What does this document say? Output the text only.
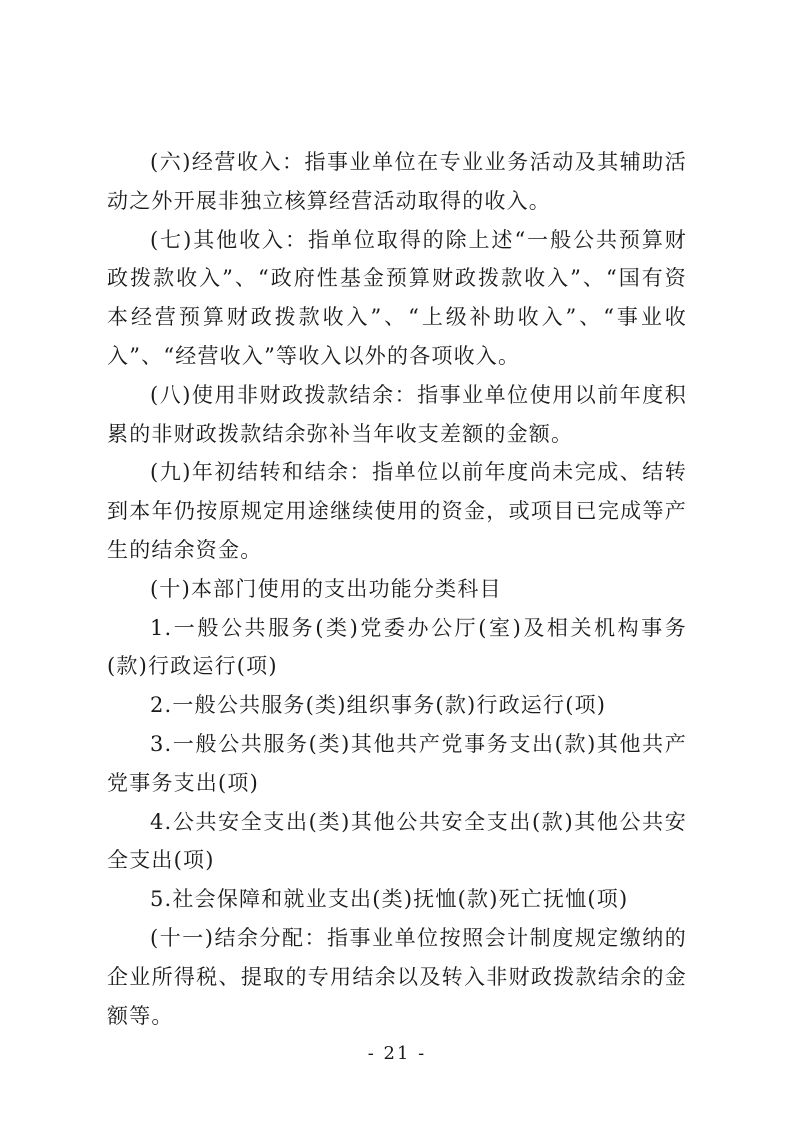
(六)经营收入：指事业单位在专业业务活动及其辅助活动之外开展非独立核算经营活动取得的收入。

(七)其他收入：指单位取得的除上述“一般公共预算财政拨款收入”、“政府性基金预算财政拨款收入”、“国有资本经营预算财政拨款收入”、“上级补助收入”、“事业收入”、“经营收入”等收入以外的各项收入。

(八)使用非财政拨款结余：指事业单位使用以前年度积累的非财政拨款结余弥补当年收支差额的金额。

(九)年初结转和结余：指单位以前年度尚未完成、结转到本年仍按原规定用途继续使用的资金，或项目已完成等产生的结余资金。

(十)本部门使用的支出功能分类科目

1.一般公共服务(类)党委办公厅(室)及相关机构事务(款)行政运行(项)

2.一般公共服务(类)组织事务(款)行政运行(项)

3.一般公共服务(类)其他共产党事务支出(款)其他共产党事务支出(项)

4.公共安全支出(类)其他公共安全支出(款)其他公共安全支出(项)

5.社会保障和就业支出(类)抚恤(款)死亡抚恤(项)

(十一)结余分配：指事业单位按照会计制度规定缴纳的企业所得税、提取的专用结余以及转入非财政拨款结余的金额等。

- 21 -
